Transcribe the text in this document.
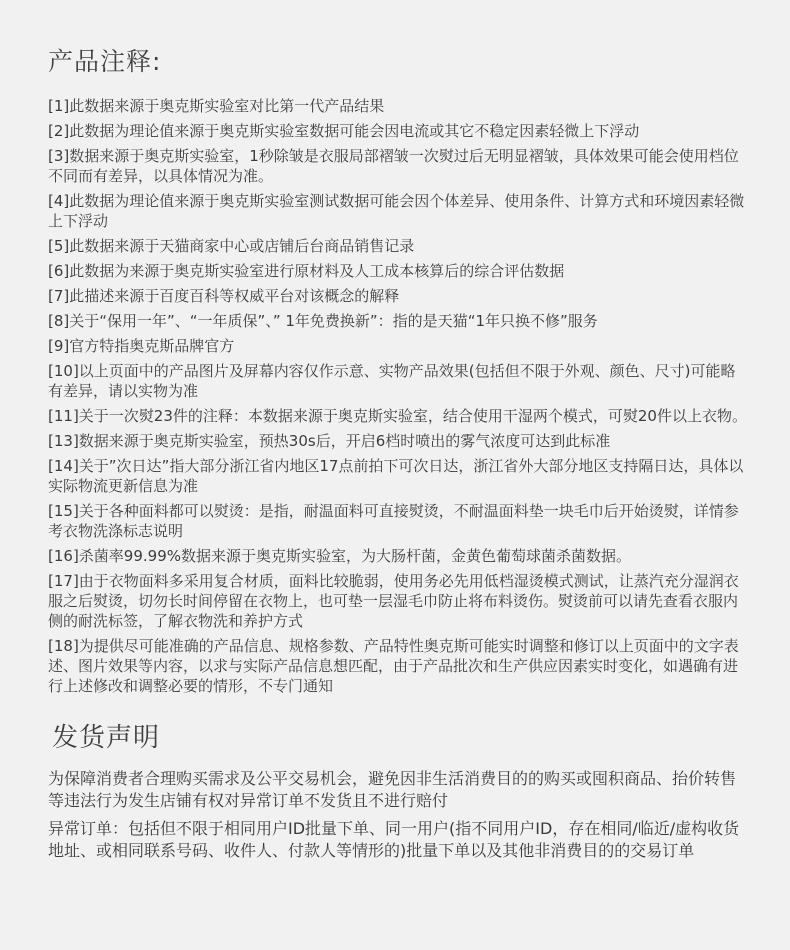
产品注释:
[1]此数据来源于奥克斯实验室对比第一代产品结果
[2]此数据为理论值来源于奥克斯实验室数据可能会因电流或其它不稳定因素轻微上下浮动
[3]数据来源于奥克斯实验室，1秒除皱是衣服局部褶皱一次熨过后无明显褶皱，具体效果可能会使用档位不同而有差异，以具体情况为准。
[4]此数据为理论值来源于奥克斯实验室测试数据可能会因个体差异、使用条件、计算方式和环境因素轻微上下浮动
[5]此数据来源于天猫商家中心或店铺后台商品销售记录
[6]此数据为来源于奥克斯实验室进行原材料及人工成本核算后的综合评估数据
[7]此描述来源于百度百科等权威平台对该概念的解释
[8]关于“保用一年”、“一年质保”、” 1年免费换新”：指的是天猫“1年只换不修”服务
[9]官方特指奥克斯品牌官方
[10]以上页面中的产品图片及屏幕内容仅作示意、实物产品效果(包括但不限于外观、颜色、尺寸)可能略有差异，请以实物为准
[11]关于一次熨23件的注释：本数据来源于奥克斯实验室，结合使用干湿两个模式，可熨20件以上衣物。
[13]数据来源于奥克斯实验室，预热30s后，开启6档时喷出的雾气浓度可达到此标准
[14]关于”次日达”指大部分浙江省内地区17点前拍下可次日达，浙江省外大部分地区支持隔日达，具体以实际物流更新信息为准
[15]关于各种面料都可以熨烫：是指，耐温面料可直接熨烫，不耐温面料垫一块毛巾后开始烫熨，详情参考衣物洗涤标志说明
[16]杀菌率99.99%数据来源于奥克斯实验室，为大肠杆菌，金黄色葡萄球菌杀菌数据。
[17]由于衣物面料多采用复合材质，面料比较脆弱，使用务必先用低档湿烫模式测试，让蒸汽充分湿润衣服之后熨烫，切勿长时间停留在衣物上，也可垫一层湿毛巾防止将布料烫伤。熨烫前可以请先查看衣服内侧的耐洗标签，了解衣物洗和养护方式
[18]为提供尽可能准确的产品信息、规格参数、产品特性奥克斯可能实时调整和修订以上页面中的文字表述、图片效果等内容，以求与实际产品信息想匹配，由于产品批次和生产供应因素实时变化，如遇确有进行上述修改和调整必要的情形，不专门通知
发货声明

为保障消费者合理购买需求及公平交易机会，避免因非生活消费目的的购买或囤积商品、抬价转售等违法行为发生店铺有权对异常订单不发货且不进行赔付

异常订单：包括但不限于相同用户ID批量下单、同一用户(指不同用户ID，存在相同/临近/虚构收货地址、或相同联系号码、收件人、付款人等情形的)批量下单以及其他非消费目的的交易订单
